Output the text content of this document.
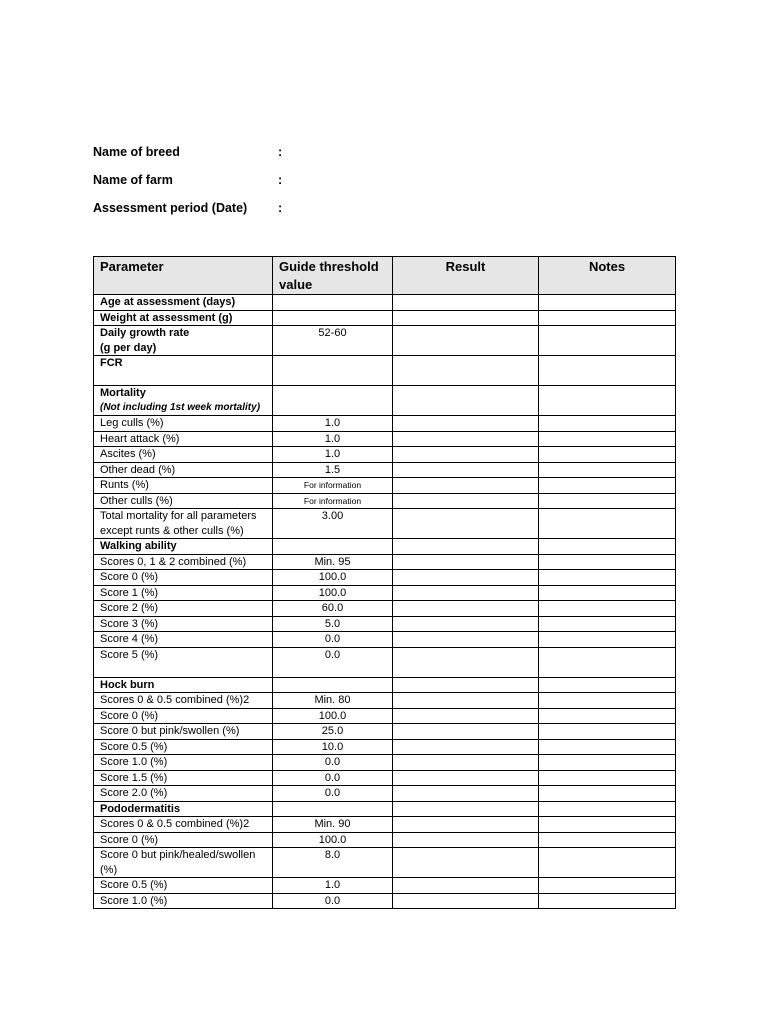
Name of breed	:
Name of farm	:
Assessment period (Date) :
Parameter	Guide threshold value	Result	Notes

Age at assessment (days)			

Weight at assessment (g)			

Daily growth rate
(g per day)	52-60		

FCR			

Mortality
(Not including 1st week mortality)			

Leg culls (%)	1.0		

Heart attack (%)	1.0		

Ascites (%)	1.0		

Other dead (%)	1.5		

Runts (%)	For information		

Other culls (%)	For information		

Total mortality for all parameters except runts & other culls (%)	3.00		

Walking ability			

Scores 0, 1 & 2 combined (%)	Min. 95		

Score 0 (%)	100.0		

Score 1 (%)	100.0		

Score 2 (%)	60.0		

Score 3 (%)	5.0		

Score 4 (%)	0.0		

Score 5 (%)	0.0		

Hock burn			

Scores 0 & 0.5 combined (%)2	Min. 80		

Score 0 (%)	100.0		

Score 0 but pink/swollen (%)	25.0		

Score 0.5 (%)	10.0		

Score 1.0 (%)	0.0		

Score 1.5 (%)	0.0		

Score 2.0 (%)	0.0		

Pododermatitis			

Scores 0 & 0.5 combined (%)2	Min. 90		

Score 0 (%)	100.0		

Score 0 but pink/healed/swollen (%)	8.0		

Score 0.5 (%)	1.0		

Score 1.0 (%)	0.0		
